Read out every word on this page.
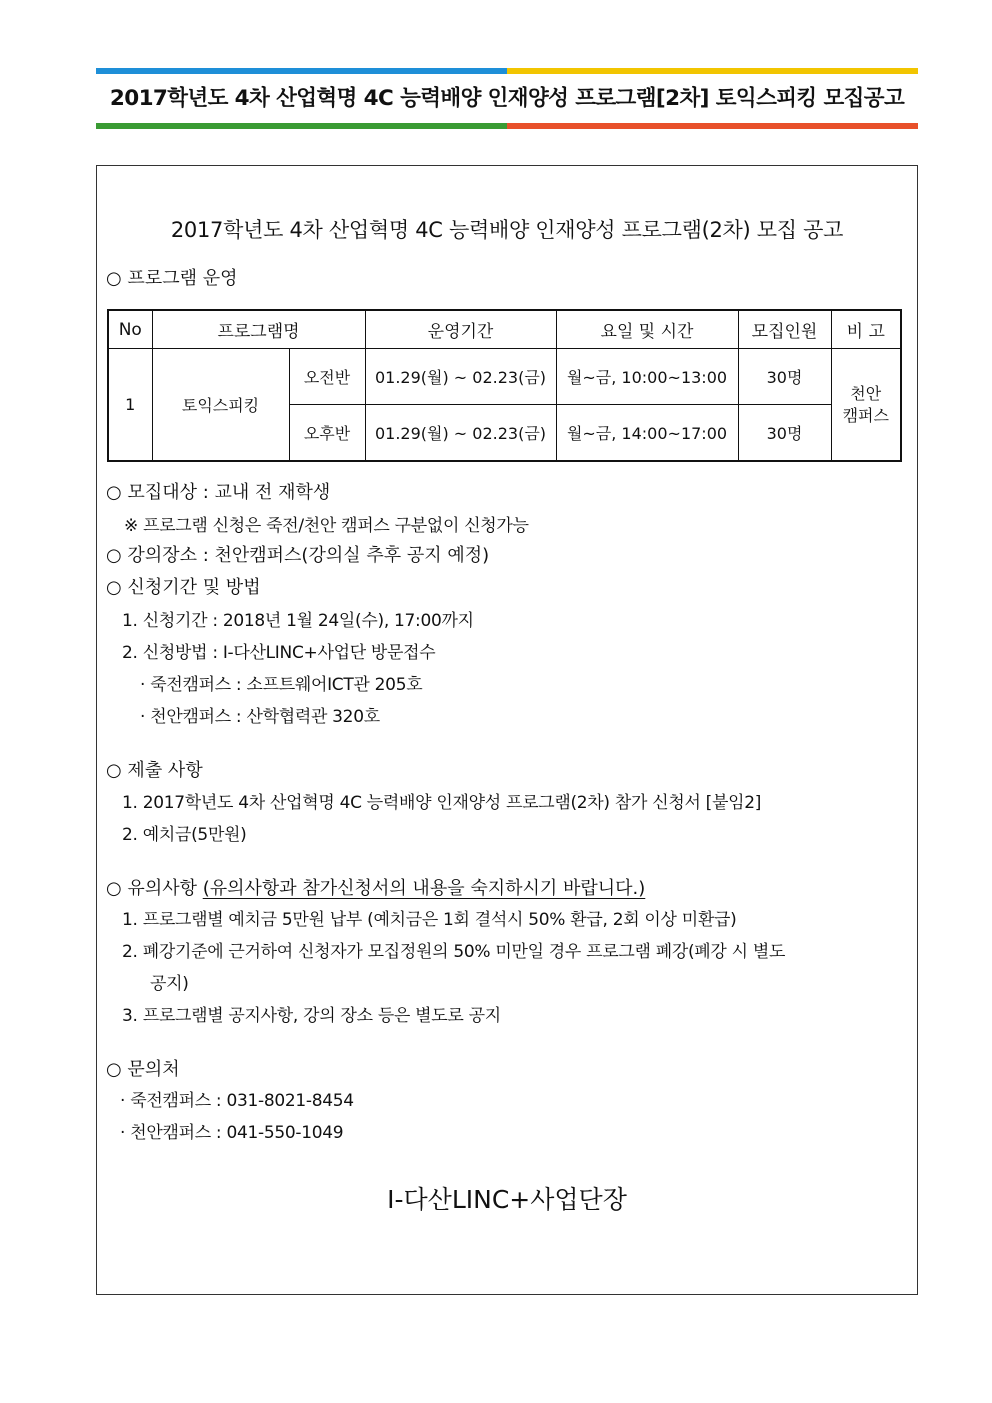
2017학년도 4차 산업혁명 4C 능력배양 인재양성 프로그램[2차] 토익스피킹 모집공고
2017학년도 4차 산업혁명 4C 능력배양 인재양성 프로그램(2차) 모집 공고
○ 프로그램 운영
No	프로그램명		운영기간	요일 및 시간	모집인원	비 고
1	토익스피킹	오전반	01.29(월) ~ 02.23(금)	월~금, 10:00~13:00	30명	천안
캠퍼스
		오후반	01.29(월) ~ 02.23(금)	월~금, 14:00~17:00	30명	
○ 모집대상 : 교내 전 재학생
※ 프로그램 신청은 죽전/천안 캠퍼스 구분없이 신청가능
○ 강의장소 : 천안캠퍼스(강의실 추후 공지 예정)
○ 신청기간 및 방법
1. 신청기간 : 2018년 1월 24일(수), 17:00까지
2. 신청방법 : I-다산LINC+사업단 방문접수
· 죽전캠퍼스 : 소프트웨어ICT관 205호
· 천안캠퍼스 : 산학협력관 320호
○ 제출 사항
1. 2017학년도 4차 산업혁명 4C 능력배양 인재양성 프로그램(2차) 참가 신청서 [붙임2]
2. 예치금(5만원)
○ 유의사항 (유의사항과 참가신청서의 내용을 숙지하시기 바랍니다.)
1. 프로그램별 예치금 5만원 납부 (예치금은 1회 결석시 50% 환급, 2회 이상 미환급)
2. 폐강기준에 근거하여 신청자가 모집정원의 50% 미만일 경우 프로그램 폐강(폐강 시 별도
공지)
3. 프로그램별 공지사항, 강의 장소 등은 별도로 공지
○ 문의처
· 죽전캠퍼스 : 031-8021-8454
· 천안캠퍼스 : 041-550-1049
I-다산LINC+사업단장
